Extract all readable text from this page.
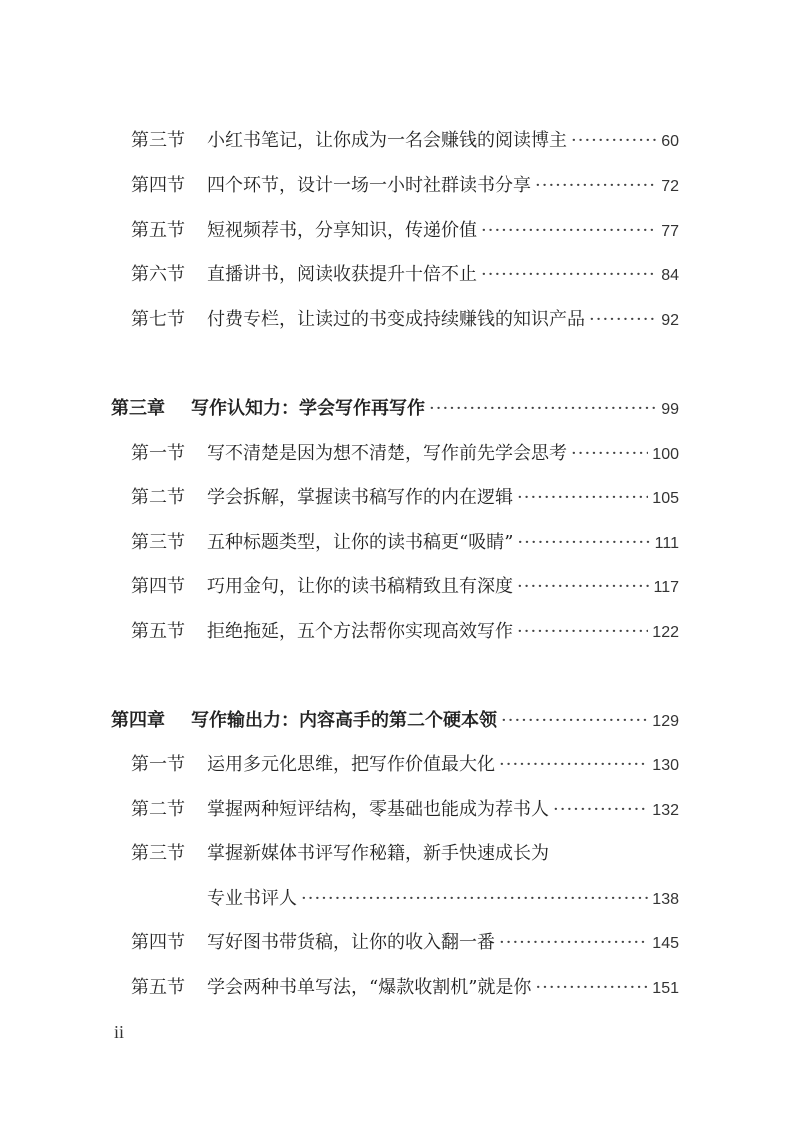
第三节	小红书笔记，让你成为一名会赚钱的阅读博主 ·····	60
第四节	四个环节，设计一场一小时社群读书分享 ·····	72
第五节	短视频荐书，分享知识，传递价值 ·····	77
第六节	直播讲书，阅读收获提升十倍不止 ·····	84
第七节	付费专栏，让读过的书变成持续赚钱的知识产品 ·····	92
第三章	写作认知力：学会写作再写作 ·····	99
第一节	写不清楚是因为想不清楚，写作前先学会思考 ·····	100
第二节	学会拆解，掌握读书稿写作的内在逻辑 ·····	105
第三节	五种标题类型，让你的读书稿更“吸睛” ·····	111
第四节	巧用金句，让你的读书稿精致且有深度 ·····	117
第五节	拒绝拖延，五个方法帮你实现高效写作 ·····	122
第四章	写作输出力：内容高手的第二个硬本领 ·····	129
第一节	运用多元化思维，把写作价值最大化 ·····	130
第二节	掌握两种短评结构，零基础也能成为荐书人 ·····	132
第三节	掌握新媒体书评写作秘籍，新手快速成长为
专业书评人 ·····	138
第四节	写好图书带货稿，让你的收入翻一番 ·····	145
第五节	学会两种书单写法，“爆款收割机”就是你 ·····	151
ii
